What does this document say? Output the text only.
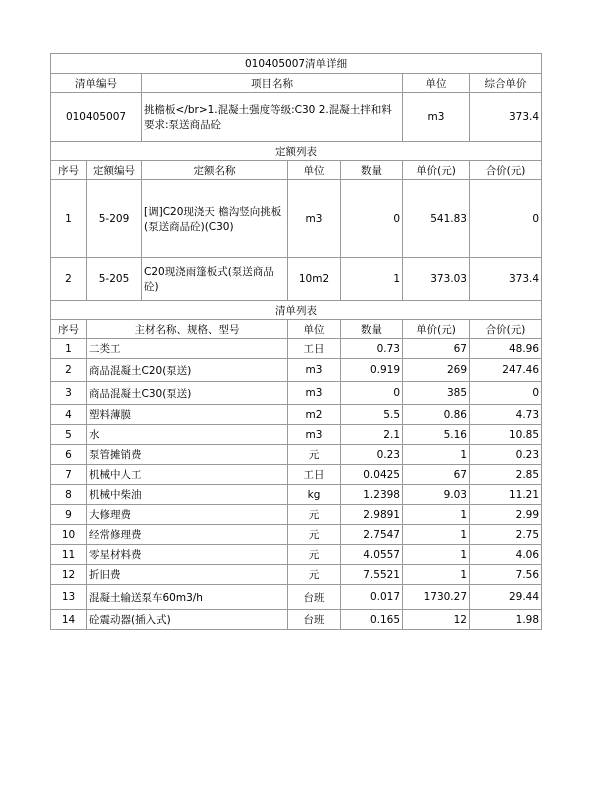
010405007清单详细						
清单编号		项目名称			单位	综合单价
010405007		挑檐板</br>1.混凝土强度等级:C30 2.混凝土拌和料要求:泵送商品砼			m3	373.4
定额列表						
序号	定额编号	定额名称	单位	数量	单价(元)	合价(元)
1	5-209	[调]C20现浇天 檐沟竖向挑板(泵送商品砼)(C30)	m3	0	541.83	0
2	5-205	C20现浇雨篷板式(泵送商品砼)	10m2	1	373.03	373.4
清单列表						
序号	主材名称、规格、型号		单位	数量	单价(元)	合价(元)
1	二类工		工日	0.73	67	48.96
2	商品混凝土C20(泵送)		m3	0.919	269	247.46
3	商品混凝土C30(泵送)		m3	0	385	0
4	塑料薄膜		m2	5.5	0.86	4.73
5	水		m3	2.1	5.16	10.85
6	泵管摊销费		元	0.23	1	0.23
7	机械中人工		工日	0.0425	67	2.85
8	机械中柴油		kg	1.2398	9.03	11.21
9	大修理费		元	2.9891	1	2.99
10	经常修理费		元	2.7547	1	2.75
11	零星材料费		元	4.0557	1	4.06
12	折旧费		元	7.5521	1	7.56
13	混凝土输送泵车60m3/h		台班	0.017	1730.27	29.44
14	砼震动器(插入式)		台班	0.165	12	1.98
